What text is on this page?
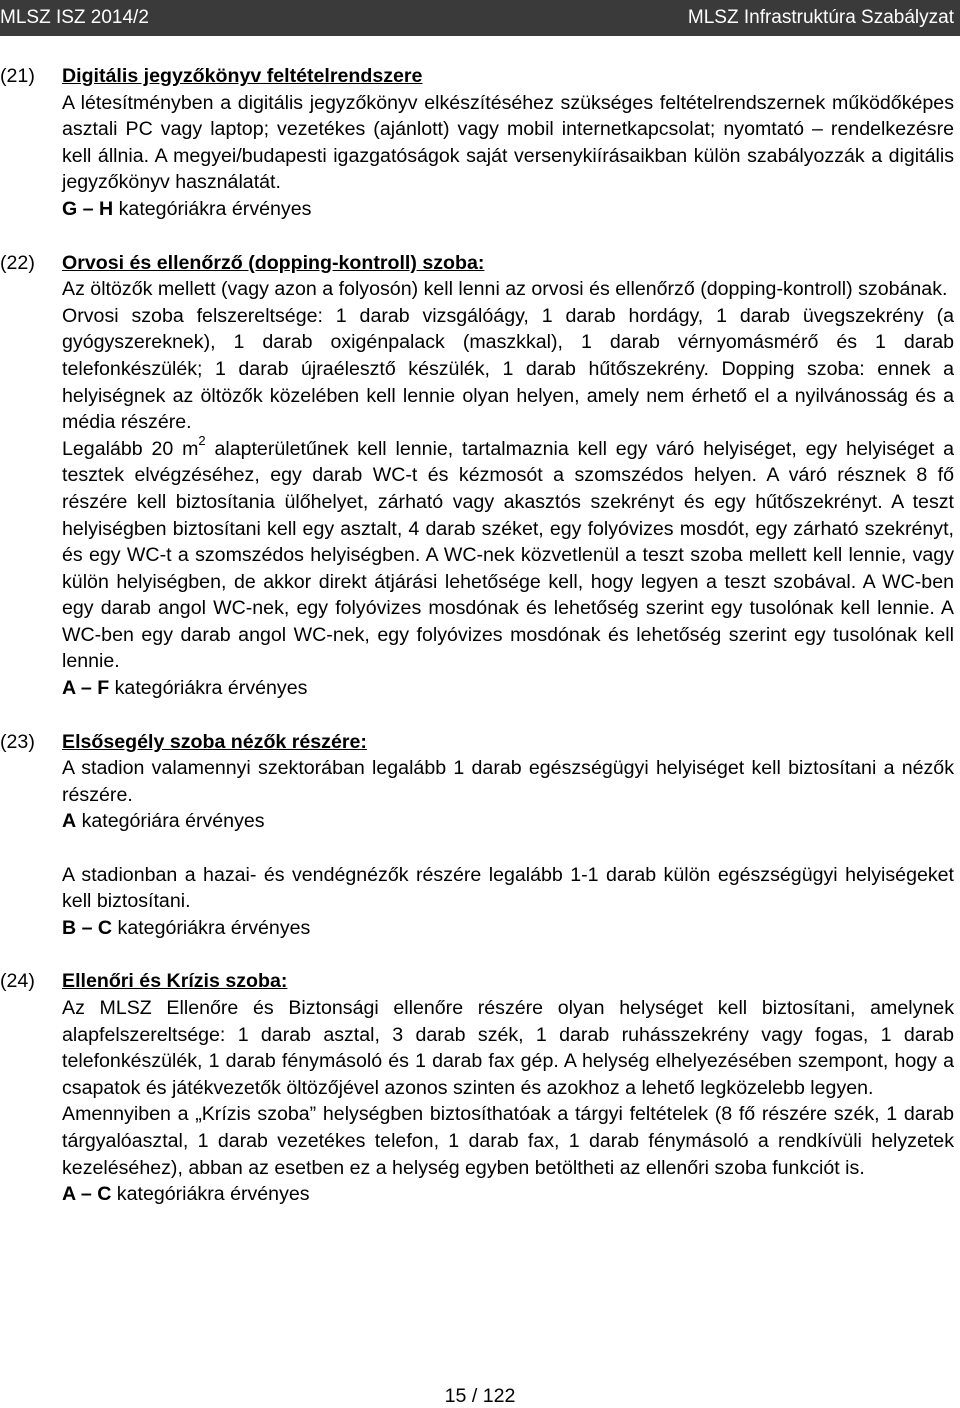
MLSZ ISZ 2014/2	MLSZ Infrastruktúra Szabályzat
(21)	Digitális jegyzőkönyv feltételrendszere
A létesítményben a digitális jegyzőkönyv elkészítéséhez szükséges feltételrendszernek működőképes asztali PC vagy laptop; vezetékes (ajánlott) vagy mobil internetkapcsolat; nyomtató – rendelkezésre kell állnia. A megyei/budapesti igazgatóságok saját versenykiírásaikban külön szabályozzák a digitális jegyzőkönyv használatát.
G – H kategóriákra érvényes
(22)	Orvosi és ellenőrző (dopping-kontroll) szoba:
Az öltözők mellett (vagy azon a folyosón) kell lenni az orvosi és ellenőrző (dopping-kontroll) szobának.
Orvosi szoba felszereltsége: 1 darab vizsgálóágy, 1 darab hordágy, 1 darab üvegszekrény (a gyógyszereknek), 1 darab oxigénpalack (maszkkal), 1 darab vérnyomásmérő és 1 darab telefonkészülék; 1 darab újraélesztő készülék, 1 darab hűtőszekrény. Dopping szoba: ennek a helyiségnek az öltözők közelében kell lennie olyan helyen, amely nem érhető el a nyilvánosság és a média részére.
Legalább 20 $m^2$ alapterületűnek kell lennie, tartalmaznia kell egy váró helyiséget, egy helyiséget a tesztek elvégzéséhez, egy darab WC-t és kézmosót a szomszédos helyen. A váró résznek 8 fő részére kell biztosítania ülőhelyet, zárható vagy akasztós szekrényt és egy hűtőszekrényt. A teszt helyiségben biztosítani kell egy asztalt, 4 darab széket, egy folyóvizes mosdót, egy zárható szekrényt, és egy WC-t a szomszédos helyiségben. A WC-nek közvetlenül a teszt szoba mellett kell lennie, vagy külön helyiségben, de akkor direkt átjárási lehetősége kell, hogy legyen a teszt szobával. A WC-ben egy darab angol WC-nek, egy folyóvizes mosdónak és lehetőség szerint egy tusolónak kell lennie. A WC-ben egy darab angol WC-nek, egy folyóvizes mosdónak és lehetőség szerint egy tusolónak kell lennie.
A – F kategóriákra érvényes
(23)	Elsősegély szoba nézők részére:
A stadion valamennyi szektorában legalább 1 darab egészségügyi helyiséget kell biztosítani a nézők részére.
A kategóriára érvényes
A stadionban a hazai- és vendégnézők részére legalább 1-1 darab külön egészségügyi helyiségeket kell biztosítani.
B – C kategóriákra érvényes
(24)	Ellenőri és Krízis szoba:
Az MLSZ Ellenőre és Biztonsági ellenőre részére olyan helységet kell biztosítani, amelynek alapfelszereltsége: 1 darab asztal, 3 darab szék, 1 darab ruhásszekrény vagy fogas, 1 darab telefonkészülék, 1 darab fénymásoló és 1 darab fax gép. A helység elhelyezésében szempont, hogy a csapatok és játékvezetők öltözőjével azonos szinten és azokhoz a lehető legközelebb legyen.
Amennyiben a „Krízis szoba” helységben biztosíthatóak a tárgyi feltételek (8 fő részére szék, 1 darab tárgyalóasztal, 1 darab vezetékes telefon, 1 darab fax, 1 darab fénymásoló a rendkívüli helyzetek kezeléséhez), abban az esetben ez a helység egyben betöltheti az ellenőri szoba funkciót is.
A – C kategóriákra érvényes
15 / 122
